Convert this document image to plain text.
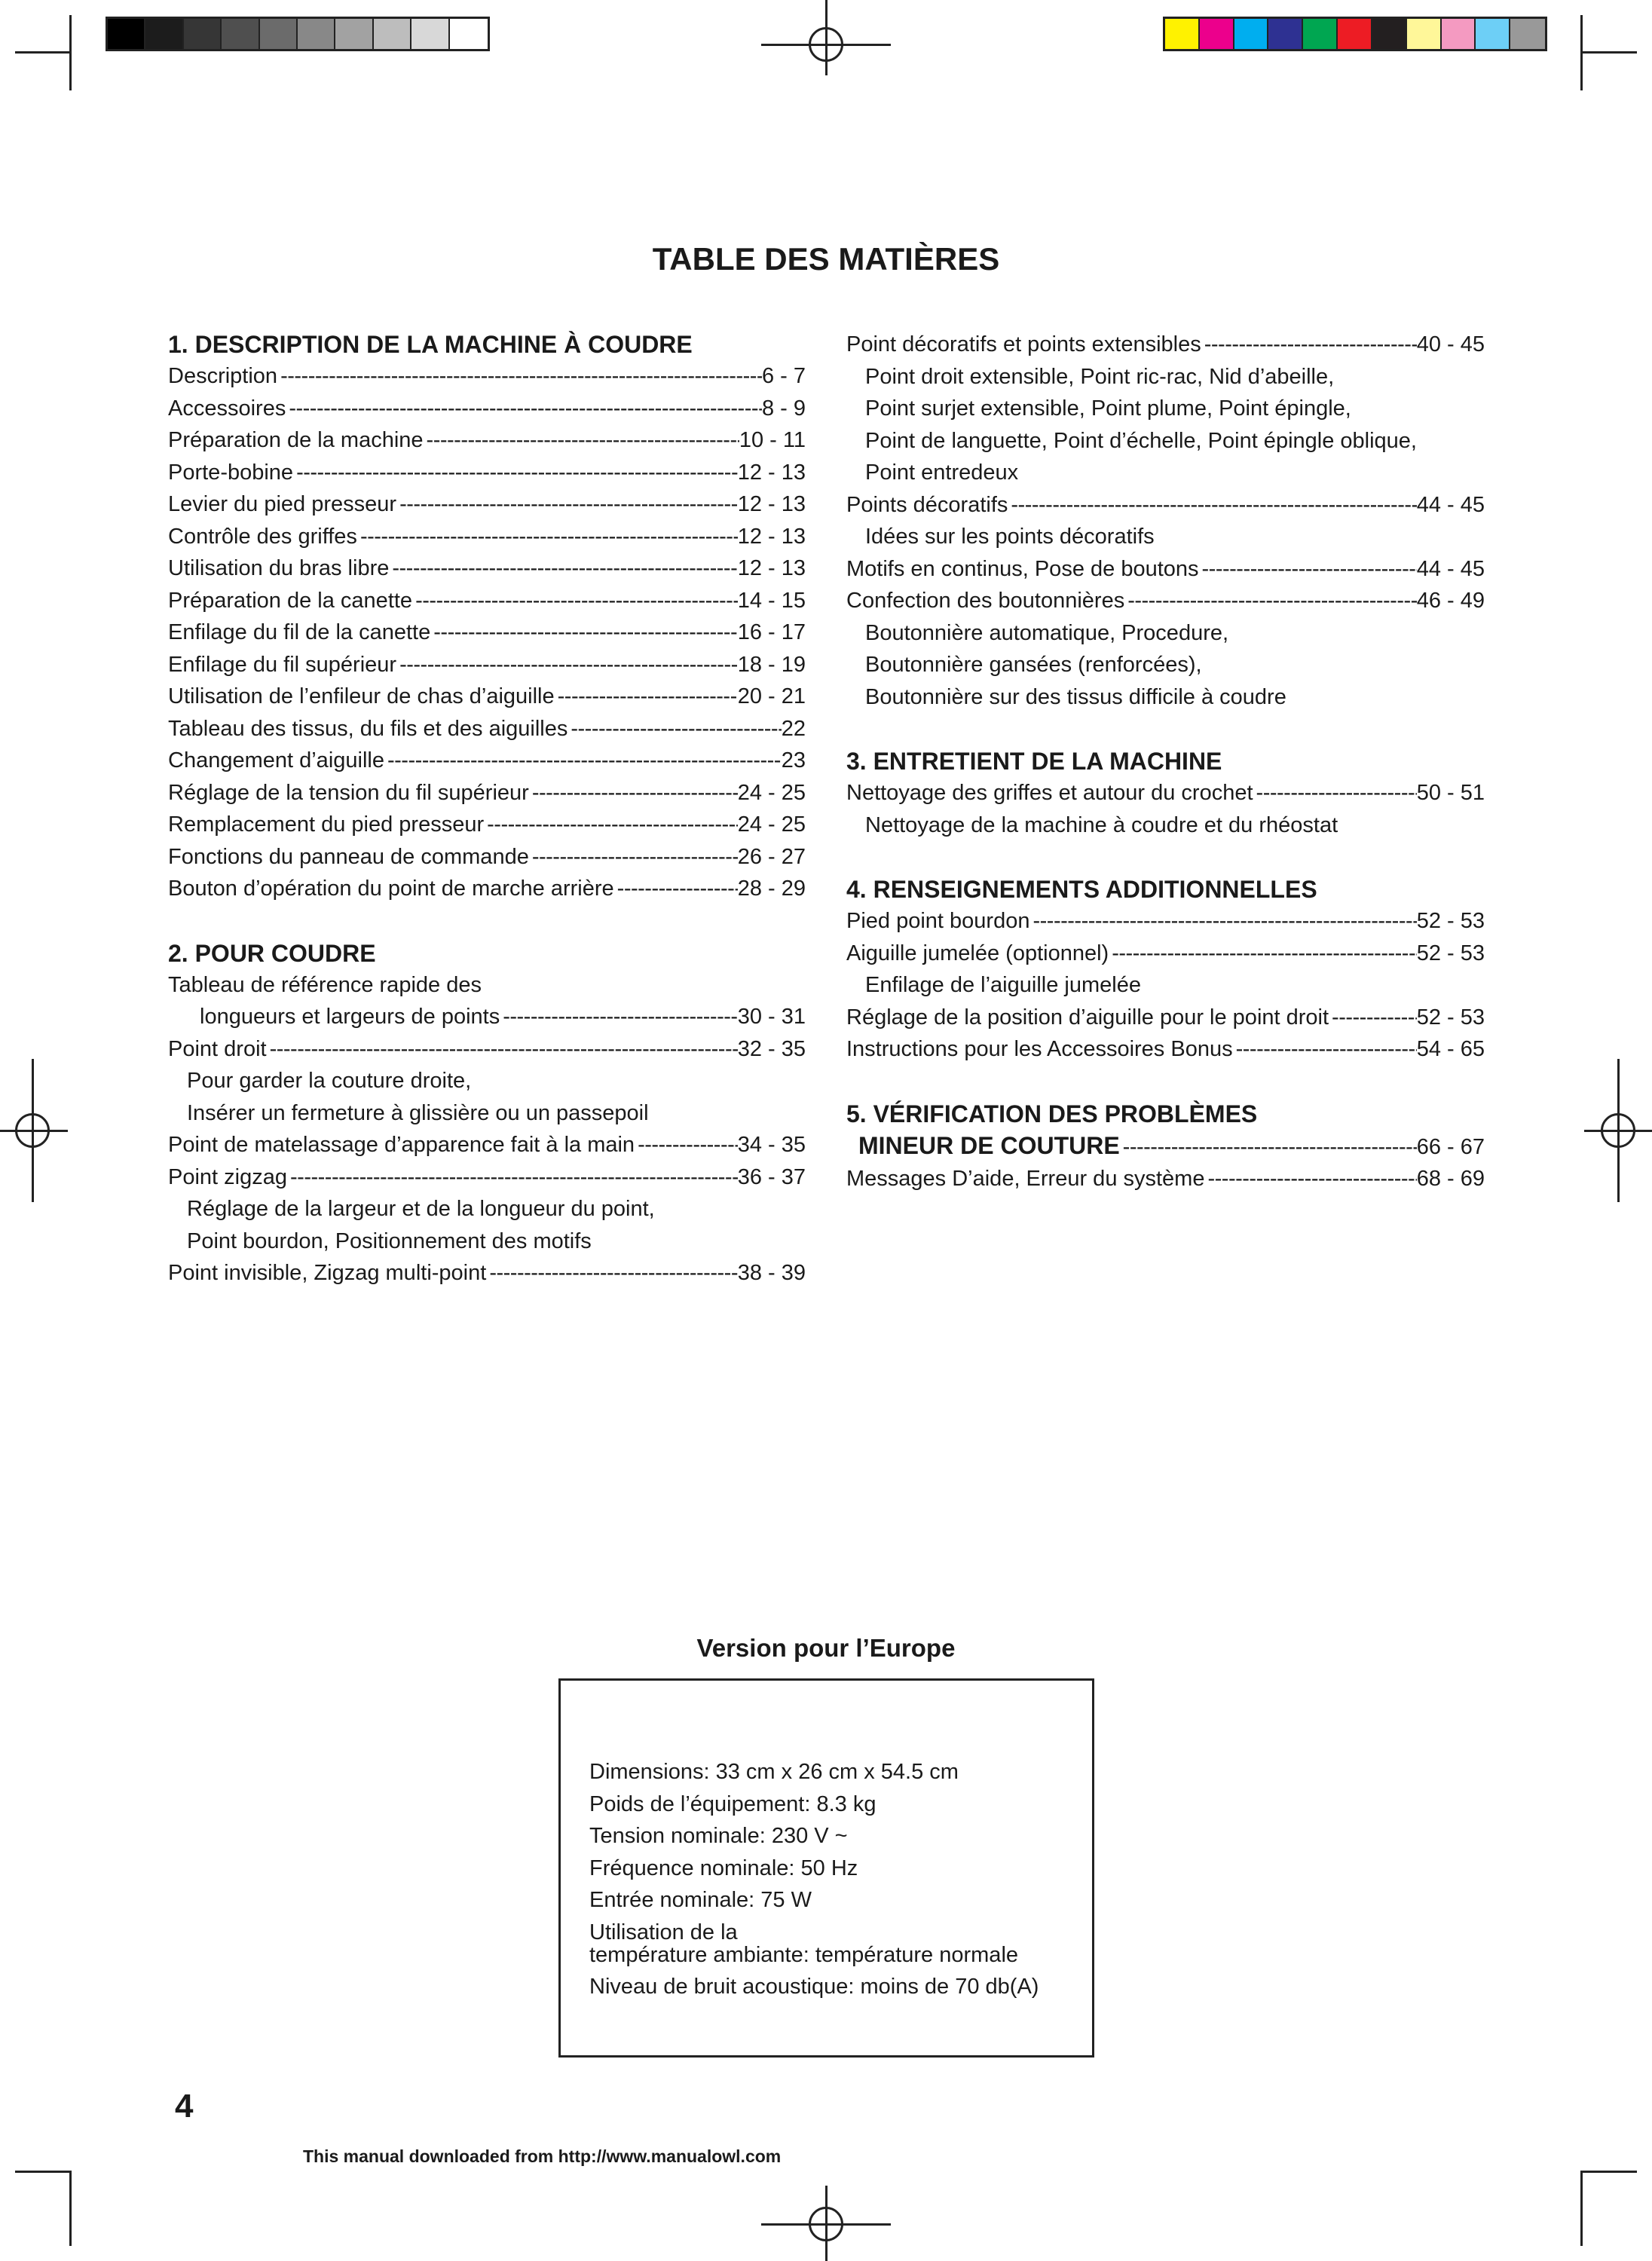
TABLE DES MATIÈRES
1. DESCRIPTION DE LA MACHINE À COUDRE
Description -----	6 - 7
Accessoires -----	8 - 9
Préparation de la machine -----	10 - 11
Porte-bobine -----	12 - 13
Levier du pied presseur -----	12 - 13
Contrôle des griffes -----	12 - 13
Utilisation du bras libre -----	12 - 13
Préparation de la canette -----	14 - 15
Enfilage du fil de la canette -----	16 - 17
Enfilage du fil supérieur -----	18 - 19
Utilisation de l’enfileur de chas d’aiguille -----	20 - 21
Tableau des tissus, du fils et des aiguilles -----	22
Changement d’aiguille -----	23
Réglage de la tension du fil supérieur -----	24 - 25
Remplacement du pied presseur -----	24 - 25
Fonctions du panneau de commande -----	26 - 27
Bouton d’opération du point de marche arrière -----	28 - 29
2. POUR COUDRE
Tableau de référence rapide des
longueurs et largeurs de points -----	30 - 31
Point droit -----	32 - 35
Pour garder la couture droite,
Insérer un fermeture à glissière ou un passepoil
Point de matelassage d’apparence fait à la main -----	34 - 35
Point zigzag -----	36 - 37
Réglage de la largeur et de la longueur du point,
Point bourdon, Positionnement des motifs
Point invisible, Zigzag multi-point -----	38 - 39
Point décoratifs et points extensibles -----	40 - 45
Point droit extensible, Point ric-rac, Nid d’abeille,
Point surjet extensible, Point plume, Point épingle,
Point de languette, Point d’échelle, Point épingle oblique,
Point entredeux
Points décoratifs -----	44 - 45
Idées sur les points décoratifs
Motifs en continus, Pose de boutons -----	44 - 45
Confection des boutonnières -----	46 - 49
Boutonnière automatique, Procedure,
Boutonnière gansées (renforcées),
Boutonnière sur des tissus difficile à coudre
3. ENTRETIENT DE LA MACHINE
Nettoyage des griffes et autour du crochet -----	50 - 51
Nettoyage de la machine à coudre et du rhéostat
4. RENSEIGNEMENTS ADDITIONNELLES
Pied point bourdon -----	52 - 53
Aiguille jumelée (optionnel) -----	52 - 53
Enfilage de l’aiguille jumelée
Réglage de la position d’aiguille pour le point droit -----	52 - 53
Instructions pour les Accessoires Bonus -----	54 - 65
5. VÉRIFICATION DES PROBLÈMES
MINEUR DE COUTURE -----	66 - 67
Messages D’aide, Erreur du système -----	68 - 69
Version pour l’Europe
Dimensions: 33 cm x 26 cm x 54.5 cm
Poids de l’équipement: 8.3 kg
Tension nominale: 230 V ~
Fréquence nominale: 50 Hz
Entrée nominale: 75 W
Utilisation de la
température ambiante: température normale
Niveau de bruit acoustique: moins de 70 db(A)
4
This manual downloaded from http://www.manualowl.com
